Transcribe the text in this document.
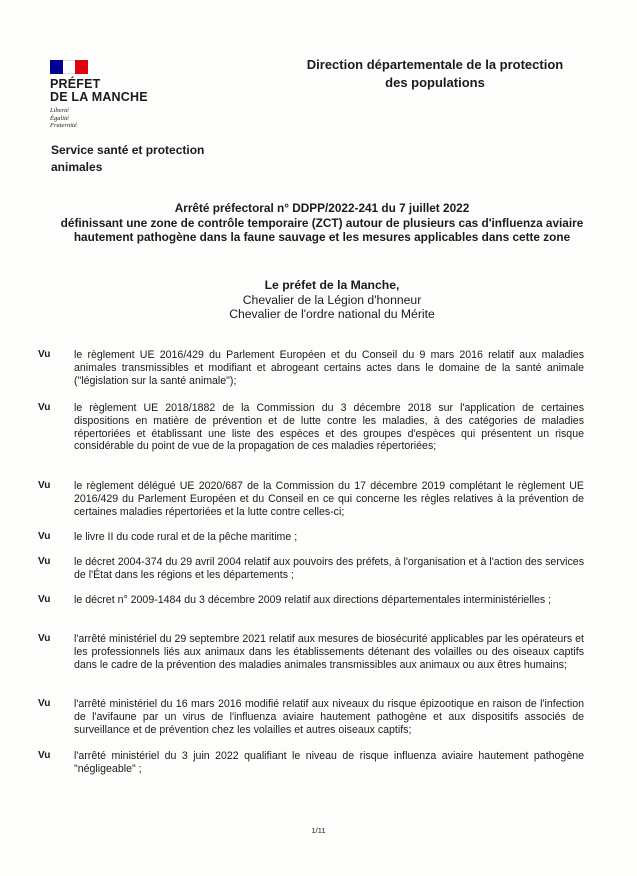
PRÉFET
DE LA MANCHE
Liberté
Égalité
Fraternité
Direction départementale de la protection des populations
Service santé et protection animales
Arrêté préfectoral n° DDPP/2022-241 du 7 juillet 2022
définissant une zone de contrôle temporaire (ZCT) autour de plusieurs cas d'influenza aviaire hautement pathogène dans la faune sauvage et les mesures applicables dans cette zone
Le préfet de la Manche,
Chevalier de la Légion d'honneur
Chevalier de l'ordre national du Mérite
Vu	le règlement UE 2016/429 du Parlement Européen et du Conseil du 9 mars 2016 relatif aux maladies animales transmissibles et modifiant et abrogeant certains actes dans le domaine de la santé animale ("législation sur la santé animale");
Vu	le règlement UE 2018/1882 de la Commission du 3 décembre 2018 sur l'application de certaines dispositions en matière de prévention et de lutte contre les maladies, à des catégories de maladies répertoriées et établissant une liste des espèces et des groupes d'espèces qui présentent un risque considérable du point de vue de la propagation de ces maladies répertoriées;
Vu	le règlement délégué UE 2020/687 de la Commission du 17 décembre 2019 complétant le règlement UE 2016/429 du Parlement Européen et du Conseil en ce qui concerne les règles relatives à la prévention de certaines maladies répertoriées et la lutte contre celles-ci;
Vu	le livre II du code rural et de la pêche maritime ;
Vu	le décret 2004-374 du 29 avril 2004 relatif aux pouvoirs des préfets, à l'organisation et à l'action des services de l'État dans les régions et les départements ;
Vu	le décret n° 2009-1484 du 3 décembre 2009 relatif aux directions départementales interministérielles ;
Vu	l'arrêté ministériel du 29 septembre 2021 relatif aux mesures de biosécurité applicables par les opérateurs et les professionnels liés aux animaux dans les établissements détenant des volailles ou des oiseaux captifs dans le cadre de la prévention des maladies animales transmissibles aux animaux ou aux êtres humains;
Vu	l'arrêté ministériel du 16 mars 2016 modifié relatif aux niveaux du risque épizootique en raison de l'infection de l'avifaune par un virus de l'influenza aviaire hautement pathogène et aux dispositifs associés de surveillance et de prévention chez les volailles et autres oiseaux captifs;
Vu	l'arrêté ministériel du 3 juin 2022 qualifiant le niveau de risque influenza aviaire hautement pathogène "négligeable" ;
1/11
